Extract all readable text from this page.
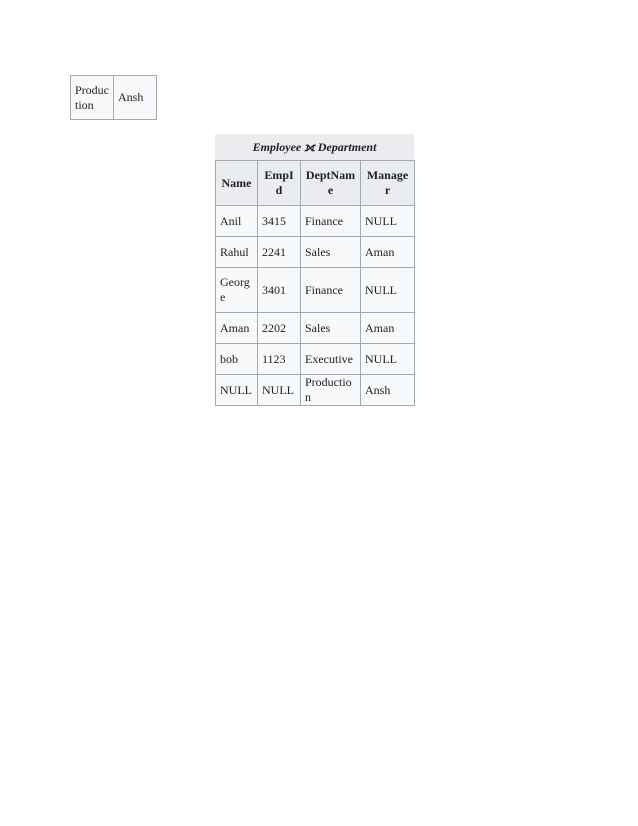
Produc tion	Ansh
Employee ⟗ Department
Name	EmpI d	DeptName	Manage r
Anil	3415	Finance	NULL
Rahul	2241	Sales	Aman
Georg e	3401	Finance	NULL
Aman	2202	Sales	Aman
bob	1123	Executive	NULL
NULL	NULL	Production	Ansh
